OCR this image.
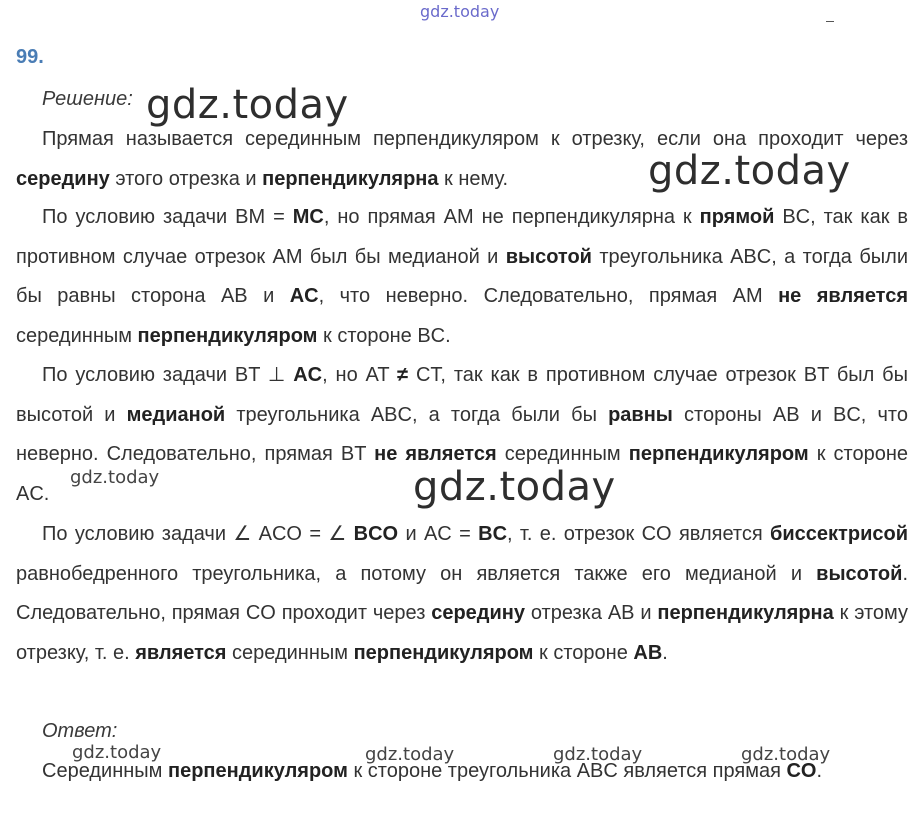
gdz.today
gdz.today
gdz.today
gdz.today
gdz.today
gdz.today	gdz.today	gdz.today	gdz.today
99.
Решение:
Прямая называется серединным перпендикуляром к отрезку, если она проходит через середину этого отрезка и перпендикулярна к нему.
По условию задачи BM = MC, но прямая AM не перпендикулярна к прямой BC, так как в противном случае отрезок AM был бы медианой и высотой треугольника ABC, а тогда были бы равны сторона AB и AC, что неверно. Следовательно, прямая AM не является серединным перпендикуляром к стороне BC.
По условию задачи BT ⊥ AC, но AT ≠ CT, так как в противном случае отрезок BT был бы высотой и медианой треугольника ABC, а тогда были бы равны стороны AB и BC, что неверно. Следовательно, прямая BT не является серединным перпендикуляром к стороне AC.
По условию задачи ∠ ACO = ∠ BCO и AC = BC, т. е. отрезок CO является биссектрисой равнобедренного треугольника, а потому он является также его медианой и высотой. Следовательно, прямая CO проходит через середину отрезка AB и перпендикулярна к этому отрезку, т. е. является серединным перпендикуляром к стороне AB.
Ответ:
Серединным перпендикуляром к стороне треугольника ABC является прямая CO.
